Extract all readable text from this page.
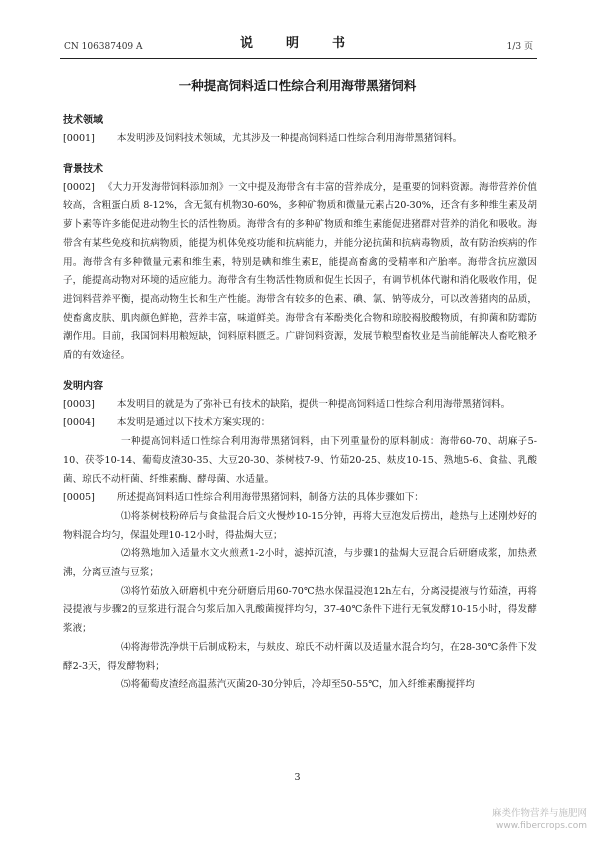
CN 106387409 A	说　明　书	1/3 页
一种提高饲料适口性综合利用海带黑猪饲料
技术领域

[0001] 本发明涉及饲料技术领域，尤其涉及一种提高饲料适口性综合利用海带黑猪饲料。

背景技术

[0002] 《大力开发海带饲料添加剂》一文中提及海带含有丰富的营养成分，是重要的饲料资源。海带营养价值较高，含粗蛋白质 8-12%，含无氮有机物30-60%，多种矿物质和微量元素占20-30%，还含有多种维生素及胡萝卜素等许多能促进动物生长的活性物质。海带含有的多种矿物质和维生素能促进猪群对营养的消化和吸收。海带含有某些免疫和抗病物质，能提为机体免疫功能和抗病能力，并能分泌抗菌和抗病毒物质，故有防治疾病的作用。海带含有多种微量元素和维生素，特别是碘和维生素E，能提高畜禽的受精率和产胎率。海带含抗应激因子，能提高动物对环境的适应能力。海带含有生物活性物质和促生长因子，有调节机体代谢和消化吸收作用，促进饲料营养平衡，提高动物生长和生产性能。海带含有较多的色素、碘、氯、钠等成分，可以改善猪肉的品质，使畜禽皮肤、肌肉颜色鲜艳，营养丰富，味道鲜美。海带含有苯酚类化合物和琼胶褐胶酸物质，有抑菌和防霉防潮作用。目前，我国饲料用粮短缺，饲料原料匮乏。广辟饲料资源，发展节粮型畜牧业是当前能解决人畜吃粮矛盾的有效途径。

发明内容

[0003] 本发明目的就是为了弥补已有技术的缺陷，提供一种提高饲料适口性综合利用海带黑猪饲料。

[0004] 本发明是通过以下技术方案实现的：

一种提高饲料适口性综合利用海带黑猪饲料，由下列重量份的原料制成：海带60-70、胡麻子5-10、茯苓10-14、葡萄皮渣30-35、大豆20-30、茶树枝7-9、竹茹20-25、麸皮10-15、熟地5-6、食盐、乳酸菌、琼氏不动杆菌、纤维素酶、酵母菌、水适量。

[0005] 所述提高饲料适口性综合利用海带黑猪饲料，制备方法的具体步骤如下：

⑴将茶树枝粉碎后与食盐混合后文火慢炒10-15分钟，再将大豆泡发后捞出，趁热与上述刚炒好的物料混合均匀，保温处理10-12小时，得盐焗大豆；

⑵将熟地加入适量水文火煎煮1-2小时，滤掉沉渣，与步骤1的盐焗大豆混合后研磨成浆，加热煮沸，分离豆渣与豆浆；

⑶将竹茹放入研磨机中充分研磨后用60-70℃热水保温浸泡12h左右，分离浸提液与竹茹渣，再将浸提液与步骤2的豆浆进行混合匀浆后加入乳酸菌搅拌均匀，37-40℃条件下进行无氧发酵10-15小时，得发酵浆液；

⑷将海带洗净烘干后制成粉末，与麸皮、琼氏不动杆菌以及适量水混合均匀，在28-30℃条件下发酵2-3天，得发酵物料；

⑸将葡萄皮渣经高温蒸汽灭菌20-30分钟后，冷却至50-55℃，加入纤维素酶搅拌均

3
麻类作物营养与施肥网
www.fibercrops.com
